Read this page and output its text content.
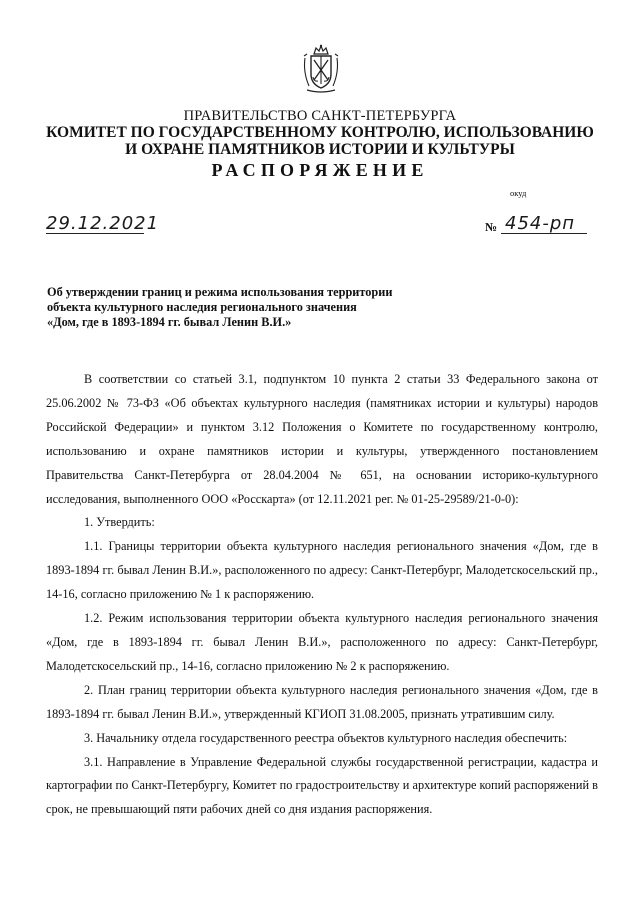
ПРАВИТЕЛЬСТВО САНКТ-ПЕТЕРБУРГА
КОМИТЕТ ПО ГОСУДАРСТВЕННОМУ КОНТРОЛЮ, ИСПОЛЬЗОВАНИЮ
И ОХРАНЕ ПАМЯТНИКОВ ИСТОРИИ И КУЛЬТУРЫ
РАСПОРЯЖЕНИЕ
окуд
29.12.2021	№ 454-рп
Об утверждении границ и режима использования территории
объекта культурного наследия регионального значения
«Дом, где в 1893-1894 гг. бывал Ленин В.И.»

В соответствии со статьей 3.1, подпунктом 10 пункта 2 статьи 33 Федерального закона от 25.06.2002 № 73-ФЗ «Об объектах культурного наследия (памятниках истории и культуры) народов Российской Федерации» и пунктом 3.12 Положения о Комитете по государственному контролю, использованию и охране памятников истории и культуры, утвержденного постановлением Правительства Санкт-Петербурга от 28.04.2004 № 651, на основании историко-культурного исследования, выполненного ООО «Росскарта» (от 12.11.2021 рег. № 01-25-29589/21-0-0):

1. Утвердить:

1.1. Границы территории объекта культурного наследия регионального значения «Дом, где в 1893-1894 гг. бывал Ленин В.И.», расположенного по адресу: Санкт-Петербург, Малодетскосельский пр., 14-16, согласно приложению № 1 к распоряжению.

1.2. Режим использования территории объекта культурного наследия регионального значения «Дом, где в 1893-1894 гг. бывал Ленин В.И.», расположенного по адресу: Санкт-Петербург, Малодетскосельский пр., 14-16, согласно приложению № 2 к распоряжению.

2. План границ территории объекта культурного наследия регионального значения «Дом, где в 1893-1894 гг. бывал Ленин В.И.», утвержденный КГИОП 31.08.2005, признать утратившим силу.

3. Начальнику отдела государственного реестра объектов культурного наследия обеспечить:

3.1. Направление в Управление Федеральной службы государственной регистрации, кадастра и картографии по Санкт-Петербургу, Комитет по градостроительству и архитектуре копий распоряжений в срок, не превышающий пяти рабочих дней со дня издания распоряжения.
